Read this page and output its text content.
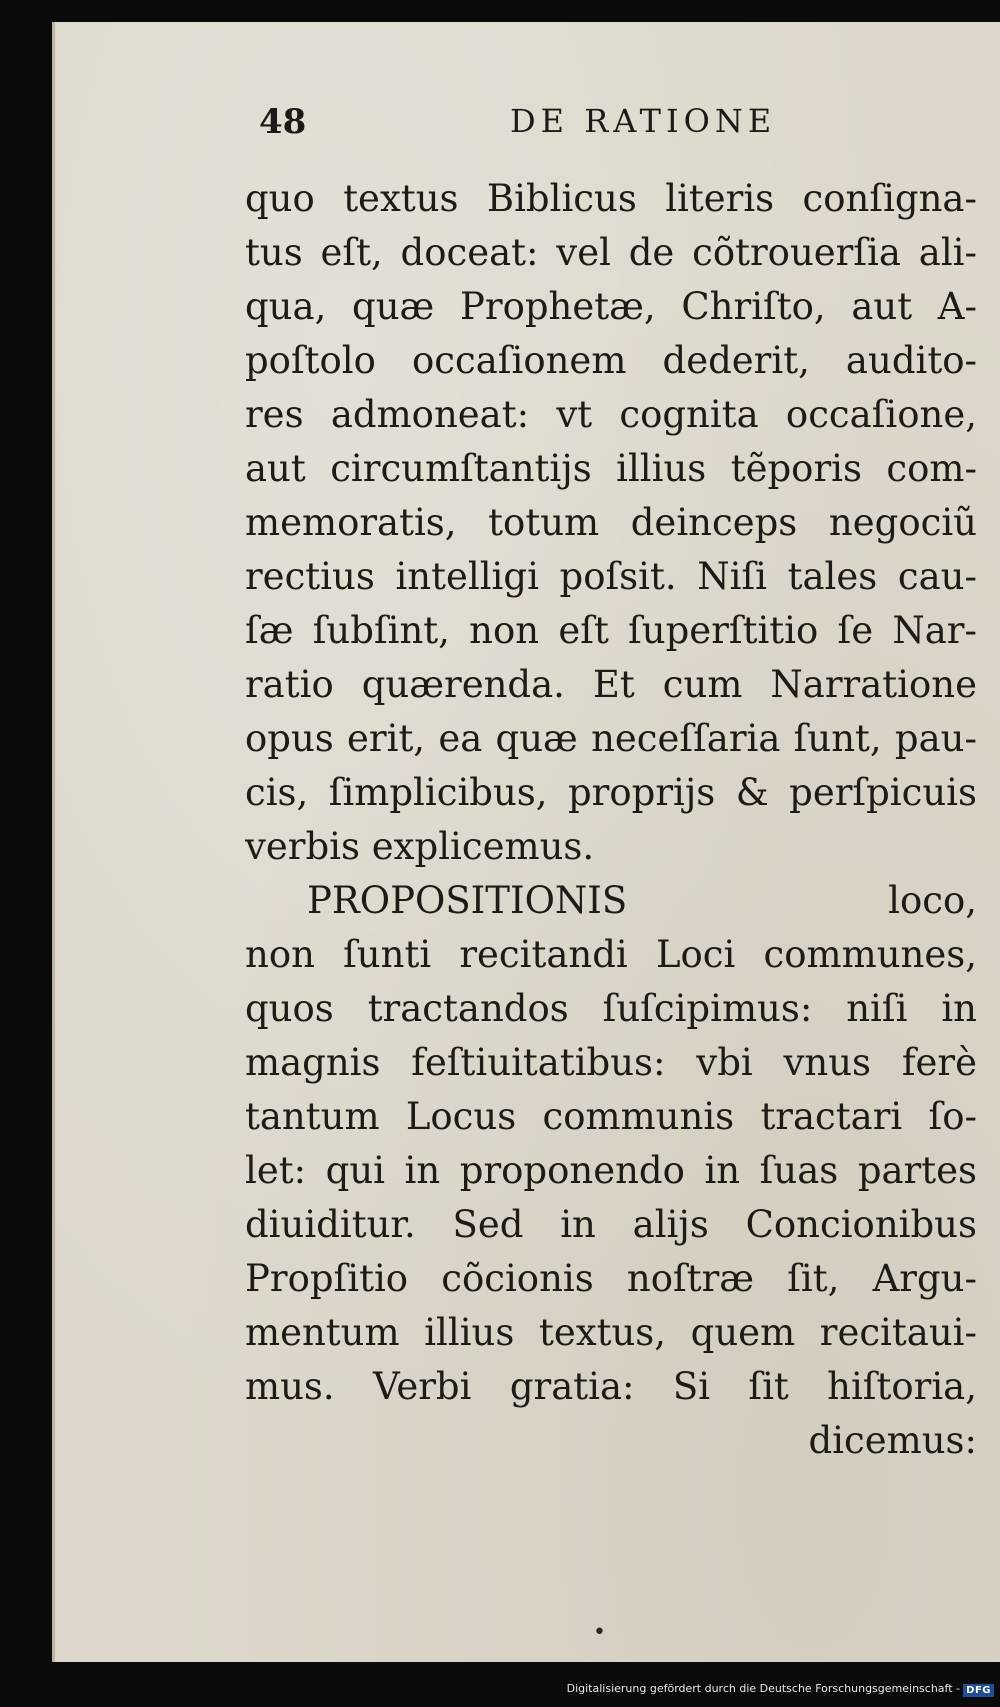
48	DE RATIONE
quo textus Biblicus literis conſigna-
tus eſt, doceat: vel de cõtrouerſia ali-
qua, quæ Prophetæ, Chriſto, aut A-
poſtolo occaſionem dederit, audito-
res admoneat: vt cognita occaſione,
aut circumſtantijs illius tẽporis com-
memoratis, totum deinceps negociũ
rectius intelligi poſsit. Niſi tales cau-
ſæ ſubſint, non eſt ſuperſtitio ſe Nar-
ratio quærenda. Et cum Narratione
opus erit, ea quæ neceſſaria ſunt, pau-
cis, ſimplicibus, proprijs & perſpicuis
verbis explicemus.
PROPOSITIONIS loco,
non ſunti recitandi Loci communes,
quos tractandos ſuſcipimus: niſi in
magnis feſtiuitatibus: vbi vnus ferè
tantum Locus communis tractari ſo-
let: qui in proponendo in ſuas partes
diuiditur. Sed in alijs Concionibus
Propſitio cõcionis noſtræ ſit, Argu-
mentum illius textus, quem recitaui-
mus. Verbi gratia: Si ſit hiſtoria,
dicemus:
•
Digitalisierung gefördert durch die Deutsche Forschungsgemeinschaft - DFG
